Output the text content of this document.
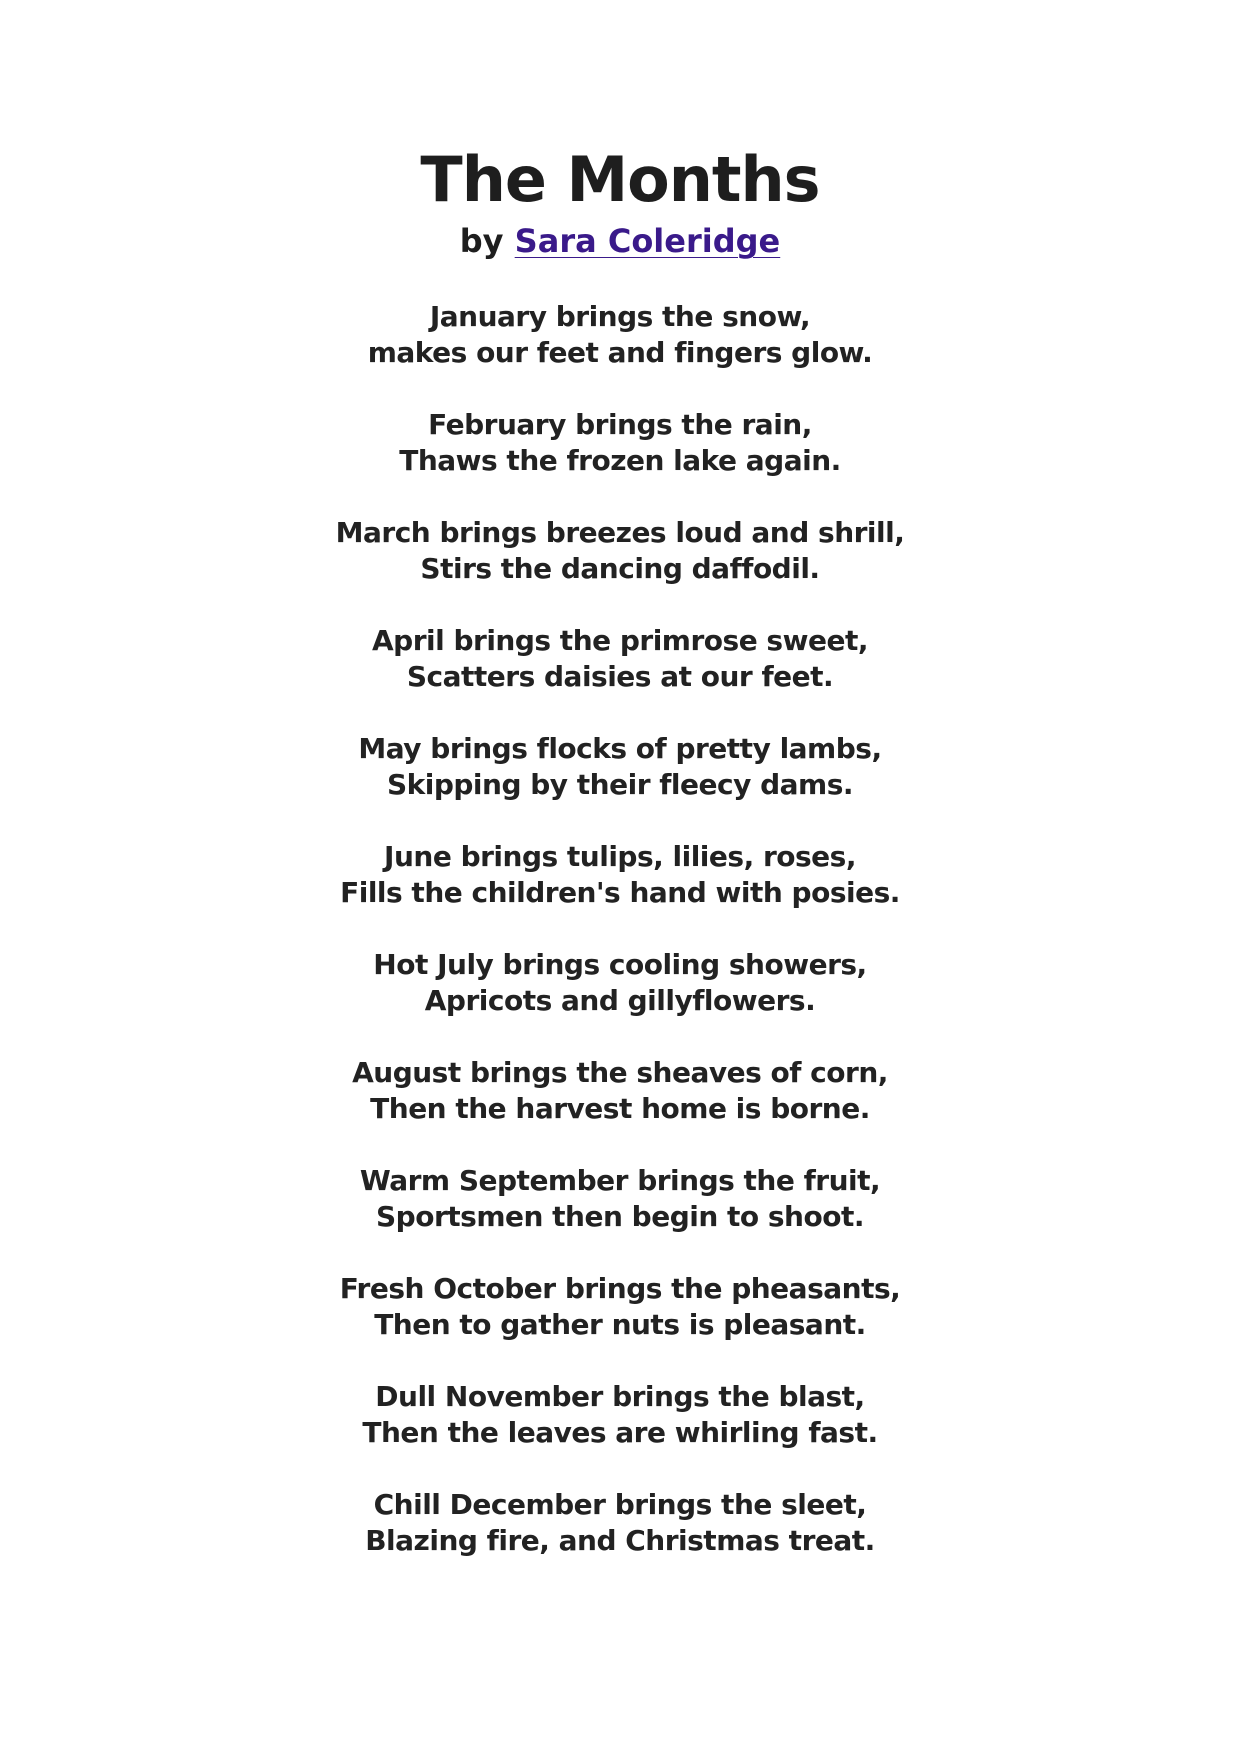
The Months
by Sara Coleridge
January brings the snow,
makes our feet and fingers glow.
February brings the rain,
Thaws the frozen lake again.
March brings breezes loud and shrill,
Stirs the dancing daffodil.
April brings the primrose sweet,
Scatters daisies at our feet.
May brings flocks of pretty lambs,
Skipping by their fleecy dams.
June brings tulips, lilies, roses,
Fills the children's hand with posies.
Hot July brings cooling showers,
Apricots and gillyflowers.
August brings the sheaves of corn,
Then the harvest home is borne.
Warm September brings the fruit,
Sportsmen then begin to shoot.
Fresh October brings the pheasants,
Then to gather nuts is pleasant.
Dull November brings the blast,
Then the leaves are whirling fast.
Chill December brings the sleet,
Blazing fire, and Christmas treat.
